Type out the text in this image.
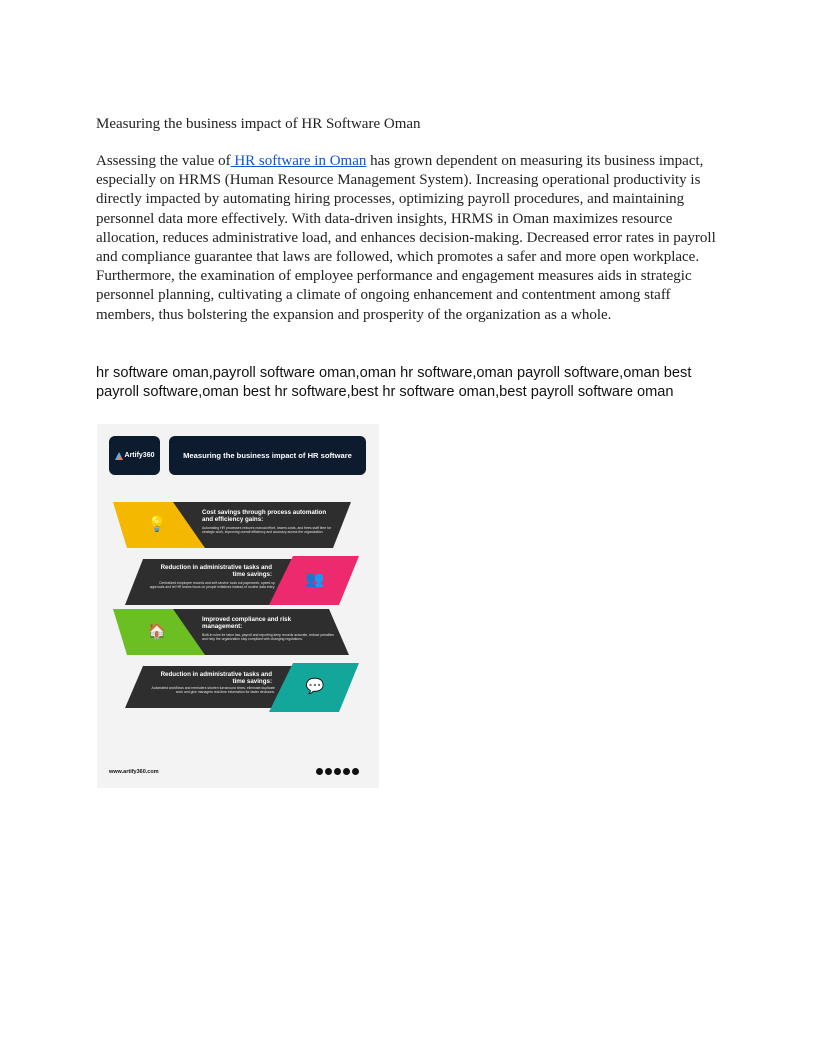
Measuring the business impact of HR Software Oman

Assessing the value of HR software in Oman has grown dependent on measuring its business impact, especially on HRMS (Human Resource Management System). Increasing operational productivity is directly impacted by automating hiring processes, optimizing payroll procedures, and maintaining personnel data more effectively. With data-driven insights, HRMS in Oman maximizes resource allocation, reduces administrative load, and enhances decision-making. Decreased error rates in payroll and compliance guarantee that laws are followed, which promotes a safer and more open workplace. Furthermore, the examination of employee performance and engagement measures aids in strategic personnel planning, cultivating a climate of ongoing enhancement and contentment among staff members, thus bolstering the expansion and prosperity of the organization as a whole.

hr software oman,payroll software oman,oman hr software,oman payroll software,oman best payroll software,oman best hr software,best hr software oman,best payroll software oman

Artify360	Measuring the business impact of HR software
💡
Cost savings through process automation and efficiency gains:
Automating HR processes reduces manual effort, lowers costs, and frees staff time for strategic work, improving overall efficiency and accuracy across the organization.
👥
Reduction in administrative tasks and time savings:
Centralized employee records and self-service tools cut paperwork, speed up approvals and let HR teams focus on people initiatives instead of routine data entry.
🏠
Improved compliance and risk management:
Built-in rules for labor law, payroll and reporting keep records accurate, reduce penalties and help the organization stay compliant with changing regulations.
💬
Reduction in administrative tasks and time savings:
Automated workflows and reminders shorten turnaround times, eliminate duplicate work and give managers real-time information for faster decisions.
www.artify360.com
